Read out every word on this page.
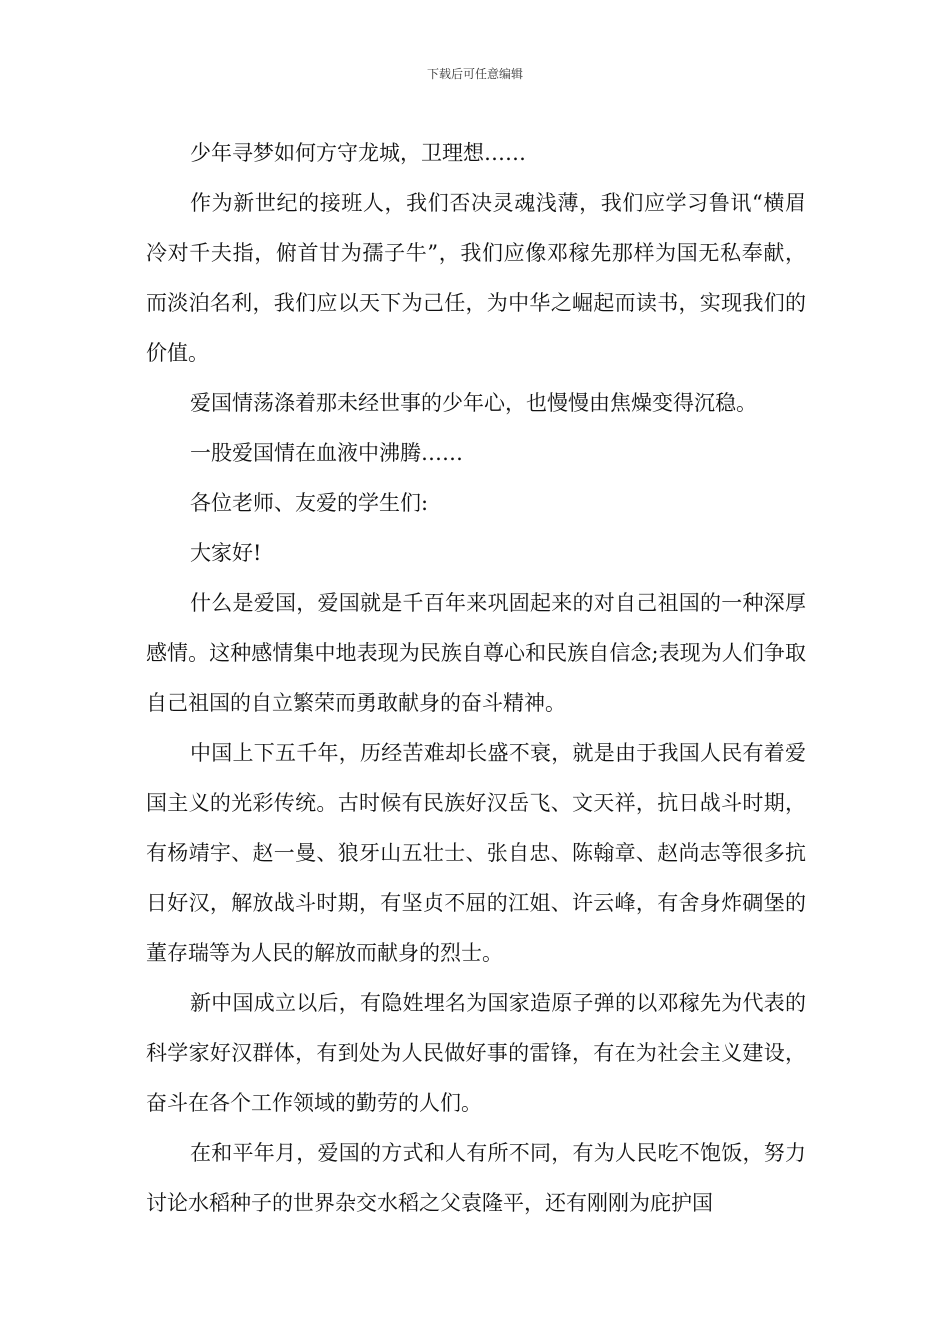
下载后可任意编辑

少年寻梦如何方守龙城，卫理想……

作为新世纪的接班人，我们否决灵魂浅薄，我们应学习鲁讯“横眉冷对千夫指，俯首甘为孺子牛”，我们应像邓稼先那样为国无私奉献，而淡泊名利，我们应以天下为己任，为中华之崛起而读书，实现我们的价值。

爱国情荡涤着那未经世事的少年心，也慢慢由焦燥变得沉稳。

一股爱国情在血液中沸腾……

各位老师、友爱的学生们:

大家好!

什么是爱国，爱国就是千百年来巩固起来的对自己祖国的一种深厚感情。这种感情集中地表现为民族自尊心和民族自信念;表现为人们争取自己祖国的自立繁荣而勇敢献身的奋斗精神。

中国上下五千年，历经苦难却长盛不衰，就是由于我国人民有着爱国主义的光彩传统。古时候有民族好汉岳飞、文天祥，抗日战斗时期，有杨靖宇、赵一曼、狼牙山五壮士、张自忠、陈翰章、赵尚志等很多抗日好汉，解放战斗时期，有坚贞不屈的江姐、许云峰，有舍身炸碉堡的董存瑞等为人民的解放而献身的烈士。

新中国成立以后，有隐姓埋名为国家造原子弹的以邓稼先为代表的科学家好汉群体，有到处为人民做好事的雷锋，有在为社会主义建设，奋斗在各个工作领域的勤劳的人们。

在和平年月，爱国的方式和人有所不同，有为人民吃不饱饭，努力讨论水稻种子的世界杂交水稻之父袁隆平，还有刚刚为庇护国
